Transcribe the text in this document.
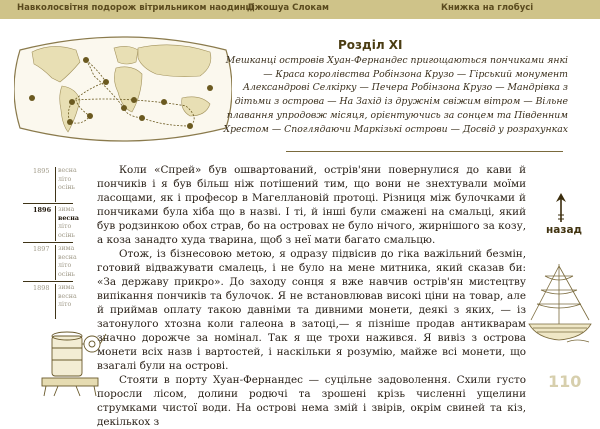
Навколосвітня подорож вітрильником наодинці
Джошуа Слокам	Книжка на глобусі
Розділ XI
Мешканці островів Хуан-Фернандес пригощаються пончиками янкі — Краса королівства Робінзона Крузо — Гірський монумент Александрові Селкірку — Печера Робінзона Крузо — Мандрівка з дітьми з острова — На Захід із дружнім свіжим вітром — Вільне плавання упродовж місяця, орієнтуючись за сонцем та Південним Хрестом — Споглядаючи Маркізькі острови — Досвід у розрахунках
1895	весна
літо
осінь
1896	зима
весна
літо
осінь
1897	зима
весна
літо
осінь
1898	зима
весна
літо

Коли «Спрей» був ошвартований, острів'яни повернулися до кави й пончиків і я був більш ніж потішений тим, що вони не знехтували моїми ласощами, як і професор в Магеллановій протоці. Різниця між булочками й пончиками була хіба що в назві. І ті, й інші були смажені на смальці, який був родзинкою обох страв, бо на островах не було нічого, жирнішого за козу, а коза занадто худа тварина, щоб з неї мати багато смальцю.

Отож, із бізнесовою метою, я одразу підвісив до гіка важільний безмін, готовий відважувати смалець, і не було на мене митника, який сказав би: «За державу прикро». До заходу сонця я вже навчив острів'ян мистецтву випікання пончиків та булочок. Я не встановлював високі ціни на товар, але й приймав оплату такою давніми та дивними монети, деякі з яких, — із затонулого хтозна коли галеона в затоці,— я пізніше продав антикварам значно дорожче за номінал. Так я ще трохи нажився. Я вивіз з острова монети всіх назв і вартостей, і наскільки я розумію, майже всі монети, що взагалі були на острові.

Стояти в порту Хуан-Фернандес — суцільне задоволення. Схили густо поросли лісом, долини родючі та зрошені крізь численні ущелини струмками чистої води. На острові нема змій і звірів, окрім свиней та кіз, декількох з

назад
110
